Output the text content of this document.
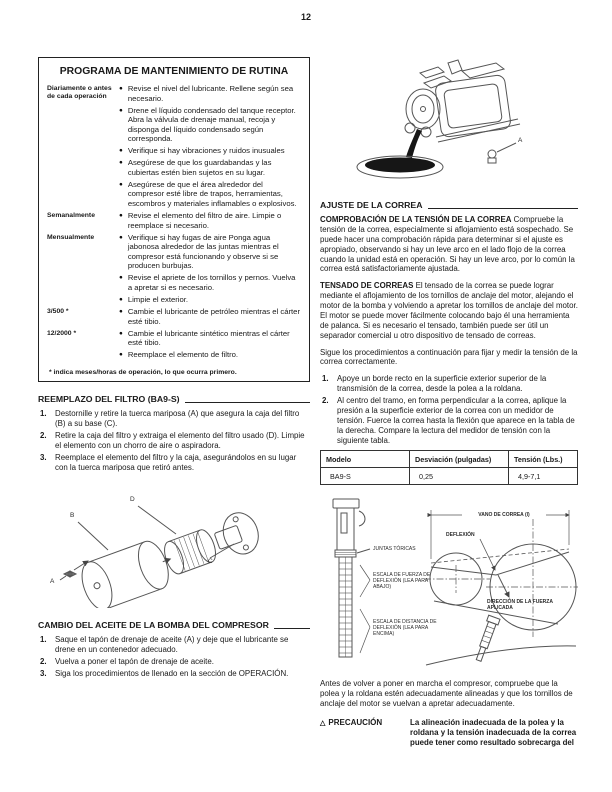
12
PROGRAMA DE MANTENIMIENTO DE RUTINA
Diariamente o antes de cada operación
● Revise el nivel del lubricante. Rellene según sea necesario.
● Drene el líquido condensado del tanque receptor. Abra la válvula de drenaje manual, recoja y disponga del líquido condensado según corresponda.
● Verifique si hay vibraciones y ruidos inusuales
● Asegúrese de que los guardabandas y las cubiertas estén bien sujetos en su lugar.
● Asegúrese de que el área alrededor del compresor esté libre de trapos, herramientas, escombros y materiales inflamables o explosivos.
Semanalmente	● Revise el elemento del filtro de aire. Limpie o reemplace si necesario.
Mensualmente	● Verifique si hay fugas de aire Ponga agua jabonosa alrededor de las juntas mientras el compresor está funcionando y observe si se producen burbujas.
● Revise el apriete de los tornillos y pernos. Vuelva a apretar si es necesario.
● Limpie el exterior.
3/500 *	● Cambie el lubricante de petróleo mientras el cárter esté tibio.
12/2000 *	● Cambie el lubricante sintético mientras el cárter esté tibio.
● Reemplace el elemento de filtro.
* indica meses/horas de operación, lo que ocurra primero.
REEMPLAZO DEL FILTRO (BA9-S)
1.	Destornille y retire la tuerca mariposa (A) que asegura la caja del filtro (B) a su base (C).
2.	Retire la caja del filtro y extraiga el elemento del filtro usado (D). Limpie el elemento con un chorro de aire o aspiradora.
3.	Reemplace el elemento del filtro y la caja, asegurándolos en su lugar con la tuerca mariposa que retiró antes.
A
B
D
C
CAMBIO DEL ACEITE DE LA BOMBA DEL COMPRESOR
1.	Saque el tapón de drenaje de aceite (A) y deje que el lubricante se drene en un contenedor adecuado.
2.	Vuelva a poner el tapón de drenaje de aceite.
3.	Siga los procedimientos de llenado en la sección de OPERACIÓN.
A
AJUSTE DE LA CORREA
COMPROBACIÓN DE LA TENSIÓN DE LA CORREA Compruebe la tensión de la correa, especialmente si aflojamiento está sospechado. Se puede hacer una comprobación rápida para determinar si el ajuste es apropiado, observando si hay un leve arco en el lado flojo de la correa cuando la unidad está en operación. Si hay un leve arco, por lo común la correa está satisfactoriamente ajustada.
TENSADO DE CORREAS El tensado de la correa se puede lograr mediante el aflojamiento de los tornillos de anclaje del motor, alejando el motor de la bomba y volviendo a apretar los tornillos de anclaje del motor. El motor se puede mover fácilmente colocando bajo él una herramienta de palanca. Si es necesario el tensado, también puede ser útil un separador comercial u otro dispositivo de tensado de correas.
Sigue los procedimientos a continuación para fijar y medir la tensión de la correa correctamente.
1.	Apoye un borde recto en la superficie exterior superior de la transmisión de la correa, desde la polea a la roldana.
2.	Al centro del tramo, en forma perpendicular a la correa, aplique la presión a la superficie exterior de la correa con un medidor de tensión. Fuerce la correa hasta la flexión que aparece en la tabla de la derecha. Compare la lectura del medidor de tensión con la siguiente tabla.
Modelo	Desviación (pulgadas)	Tensión (Lbs.)
BA9-S	0,25	4,9-7,1
VANO DE CORREA (l)
DEFLEXIÓN
DIRECCIÓN DE LA FUERZA APLICADA
JUNTAS TÓRICAS
ESCALA DE FUERZA DE DEFLEXIÓN (LEA PARA ABAJO)
ESCALA DE DISTANCIA DE DEFLEXIÓN (LEA PARA ENCIMA)
Antes de volver a poner en marcha el compresor, compruebe que la polea y la roldana estén adecuadamente alineadas y que los tornillos de anclaje del motor se vuelvan a apretar adecuadamente.
△ PRECAUCIÓN	La alineación inadecuada de la polea y la roldana y la tensión inadecuada de la correa puede tener como resultado sobrecarga del
